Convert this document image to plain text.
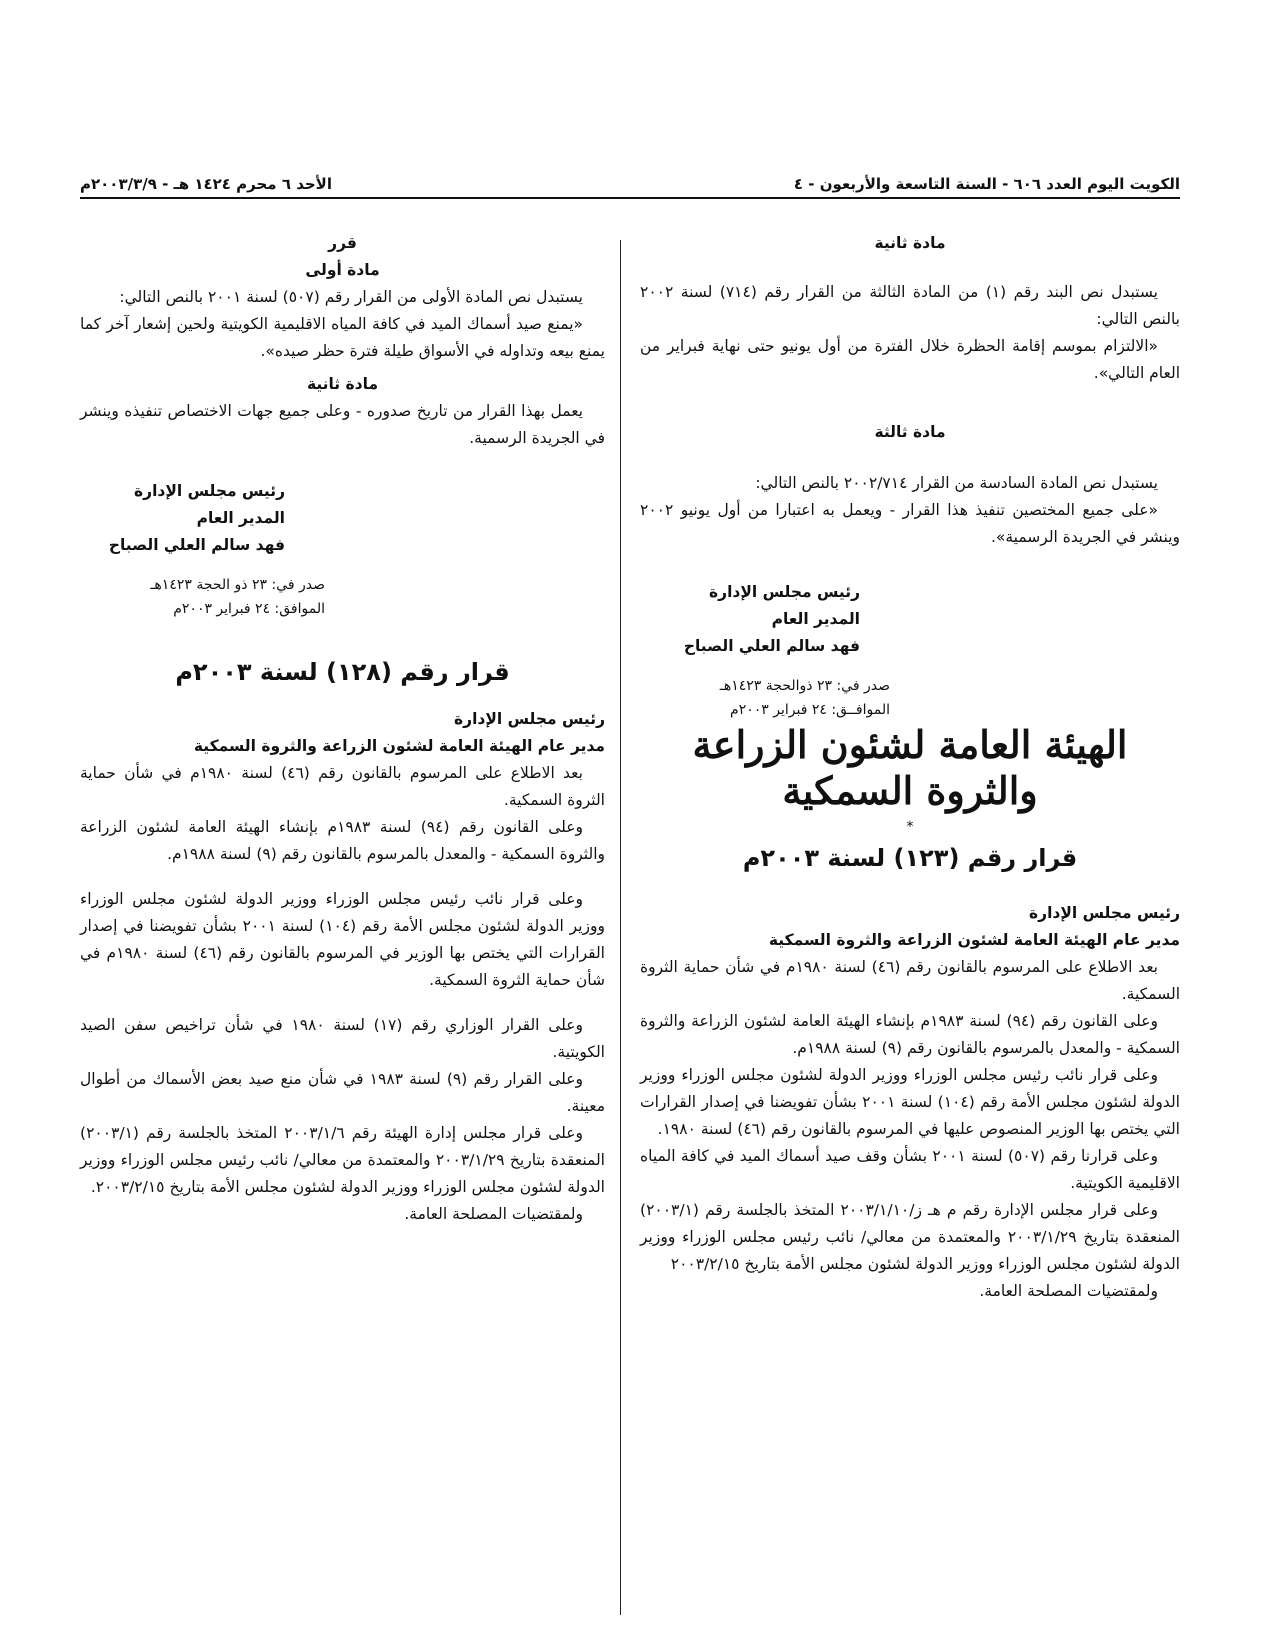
الكويت اليوم العدد ٦٠٦ - السنة التاسعة والأربعون - ٤
الأحد ٦ محرم ١٤٢٤ هـ - ٢٠٠٣/٣/٩م

مادة ثانية

يستبدل نص البند رقم (١) من المادة الثالثة من القرار رقم (٧١٤) لسنة ٢٠٠٢ بالنص التالي:

«الالتزام بموسم إقامة الحظرة خلال الفترة من أول يونيو حتى نهاية فبراير من العام التالي».

مادة ثالثة

يستبدل نص المادة السادسة من القرار ٢٠٠٢/٧١٤ بالنص التالي:

«على جميع المختصين تنفيذ هذا القرار - ويعمل به اعتبارا من أول يونيو ٢٠٠٢ وينشر في الجريدة الرسمية».

رئيس مجلس الإدارة

المدير العام

فهد سالم العلي الصباح

صدر في: ٢٣ ذوالحجة ١٤٢٣هـ

الموافــق: ٢٤ فبراير ٢٠٠٣م

الهيئة العامة لشئون الزراعة والثروة السمكية

*

قرار رقم (١٢٣) لسنة ٢٠٠٣م

رئيس مجلس الإدارة

مدير عام الهيئة العامة لشئون الزراعة والثروة السمكية

بعد الاطلاع على المرسوم بالقانون رقم (٤٦) لسنة ١٩٨٠م في شأن حماية الثروة السمكية.

وعلى القانون رقم (٩٤) لسنة ١٩٨٣م بإنشاء الهيئة العامة لشئون الزراعة والثروة السمكية - والمعدل بالمرسوم بالقانون رقم (٩) لسنة ١٩٨٨م.

وعلى قرار نائب رئيس مجلس الوزراء ووزير الدولة لشئون مجلس الوزراء ووزير الدولة لشئون مجلس الأمة رقم (١٠٤) لسنة ٢٠٠١ بشأن تفويضنا في إصدار القرارات التي يختص بها الوزير المنصوص عليها في المرسوم بالقانون رقم (٤٦) لسنة ١٩٨٠.

وعلى قرارنا رقم (٥٠٧) لسنة ٢٠٠١ بشأن وقف صيد أسماك الميد في كافة المياه الاقليمية الكويتية.

وعلى قرار مجلس الإدارة رقم م هـ ز/٢٠٠٣/١/١٠ المتخذ بالجلسة رقم (٢٠٠٣/١) المنعقدة بتاريخ ٢٠٠٣/١/٢٩ والمعتمدة من معالي/ نائب رئيس مجلس الوزراء ووزير الدولة لشئون مجلس الوزراء ووزير الدولة لشئون مجلس الأمة بتاريخ ٢٠٠٣/٢/١٥

ولمقتضيات المصلحة العامة.

قرر

مادة أولى

يستبدل نص المادة الأولى من القرار رقم (٥٠٧) لسنة ٢٠٠١ بالنص التالي:

«يمنع صيد أسماك الميد في كافة المياه الاقليمية الكويتية ولحين إشعار آخر كما يمنع بيعه وتداوله في الأسواق طيلة فترة حظر صيده».

مادة ثانية

يعمل بهذا القرار من تاريخ صدوره - وعلى جميع جهات الاختصاص تنفيذه وينشر في الجريدة الرسمية.

رئيس مجلس الإدارة

المدير العام

فهد سالم العلي الصباح

صدر في: ٢٣ ذو الحجة ١٤٢٣هـ

الموافق: ٢٤ فبراير ٢٠٠٣م

قرار رقم (١٢٨) لسنة ٢٠٠٣م

رئيس مجلس الإدارة

مدير عام الهيئة العامة لشئون الزراعة والثروة السمكية

بعد الاطلاع على المرسوم بالقانون رقم (٤٦) لسنة ١٩٨٠م في شأن حماية الثروة السمكية.

وعلى القانون رقم (٩٤) لسنة ١٩٨٣م بإنشاء الهيئة العامة لشئون الزراعة والثروة السمكية - والمعدل بالمرسوم بالقانون رقم (٩) لسنة ١٩٨٨م.

وعلى قرار نائب رئيس مجلس الوزراء ووزير الدولة لشئون مجلس الوزراء ووزير الدولة لشئون مجلس الأمة رقم (١٠٤) لسنة ٢٠٠١ بشأن تفويضنا في إصدار القرارات التي يختص بها الوزير في المرسوم بالقانون رقم (٤٦) لسنة ١٩٨٠م في شأن حماية الثروة السمكية.

وعلى القرار الوزاري رقم (١٧) لسنة ١٩٨٠ في شأن تراخيص سفن الصيد الكويتية.

وعلى القرار رقم (٩) لسنة ١٩٨٣ في شأن منع صيد بعض الأسماك من أطوال معينة.

وعلى قرار مجلس إدارة الهيئة رقم ٢٠٠٣/١/٦ المتخذ بالجلسة رقم (٢٠٠٣/١) المنعقدة بتاريخ ٢٠٠٣/١/٢٩ والمعتمدة من معالي/ نائب رئيس مجلس الوزراء ووزير الدولة لشئون مجلس الوزراء ووزير الدولة لشئون مجلس الأمة بتاريخ ٢٠٠٣/٢/١٥.

ولمقتضيات المصلحة العامة.
